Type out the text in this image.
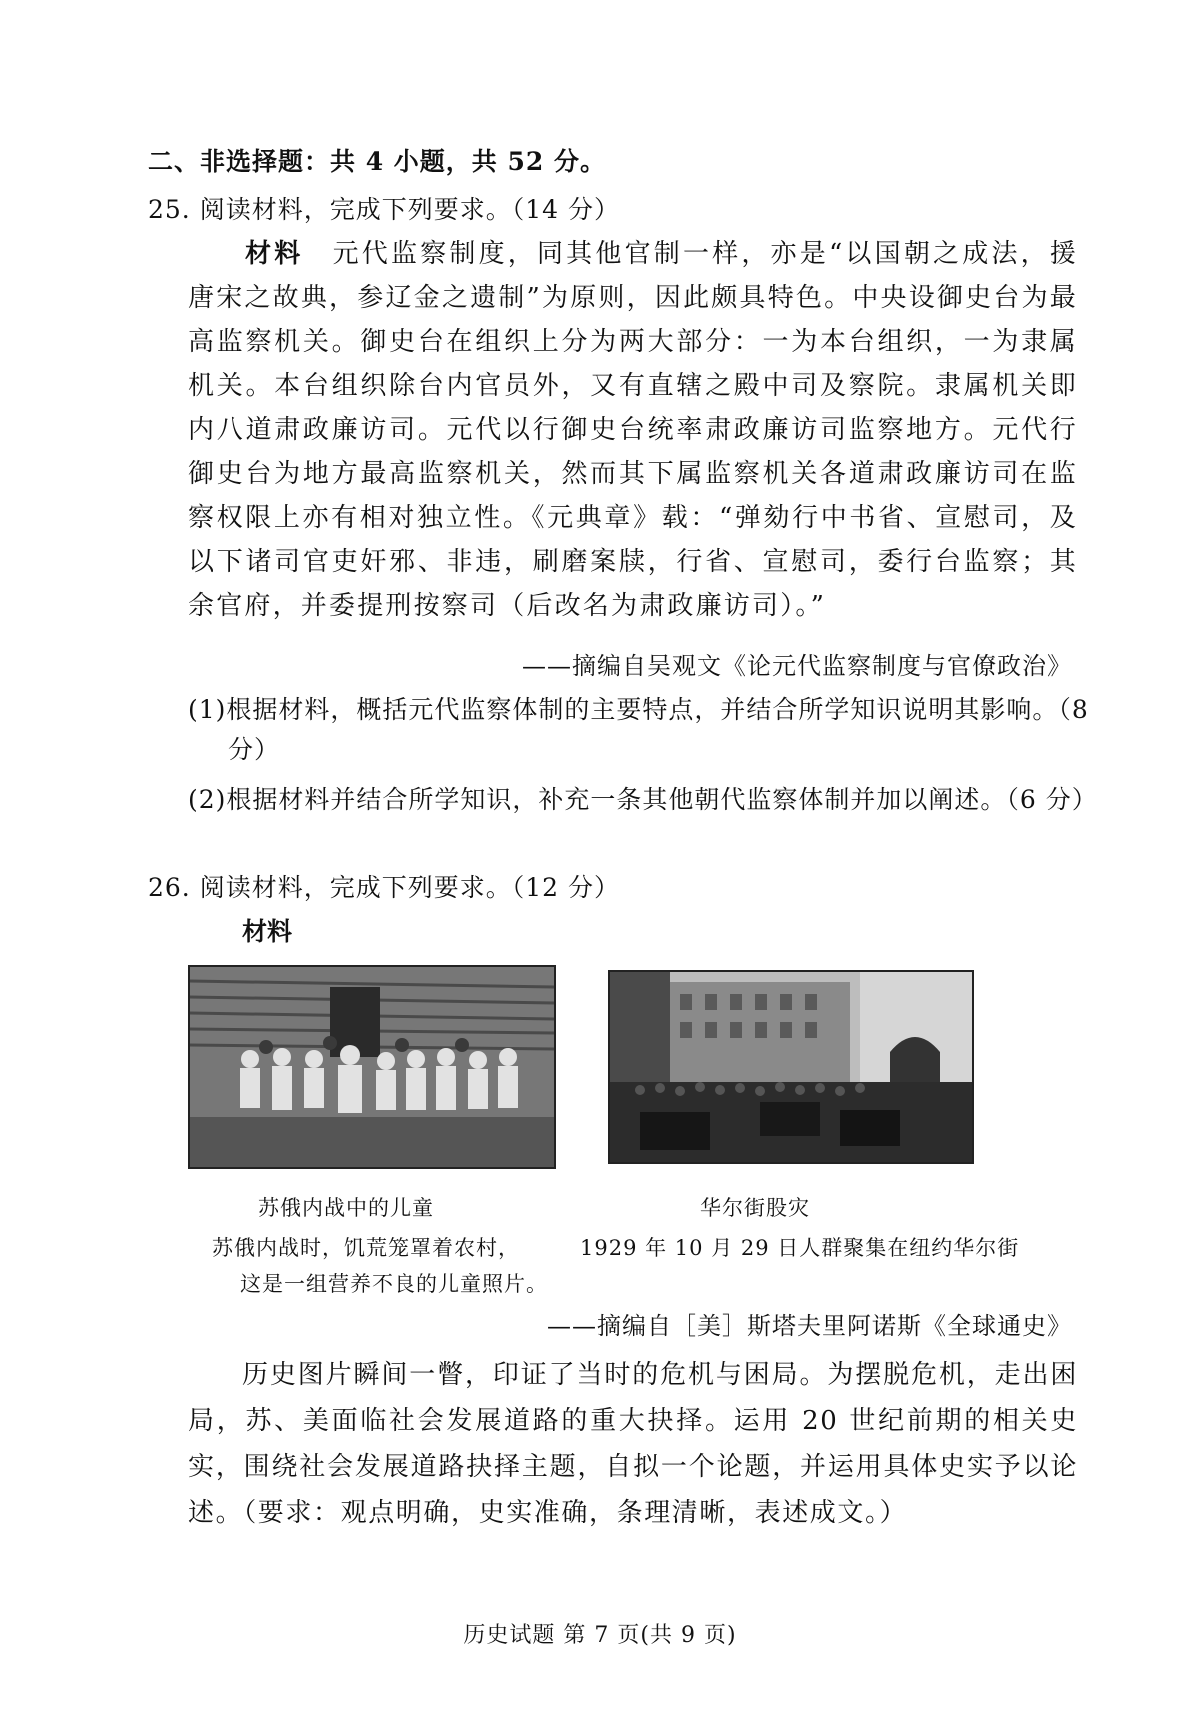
二、非选择题：共 4 小题，共 52 分。
25. 阅读材料，完成下列要求。（14 分）
材料　 元代监察制度，同其他官制一样，亦是“以国朝之成法，援唐宋之故典，参辽金之遗制”为原则，因此颇具特色。中央设御史台为最高监察机关。御史台在组织上分为两大部分：一为本台组织，一为隶属机关。本台组织除台内官员外，又有直辖之殿中司及察院。隶属机关即内八道肃政廉访司。元代以行御史台统率肃政廉访司监察地方。元代行御史台为地方最高监察机关，然而其下属监察机关各道肃政廉访司在监察权限上亦有相对独立性。《元典章》载：“弹劾行中书省、宣慰司，及以下诸司官吏奸邪、非违，刷磨案牍，行省、宣慰司，委行台监察；其余官府，并委提刑按察司（后改名为肃政廉访司）。”
——摘编自吴观文《论元代监察制度与官僚政治》
(1)根据材料，概括元代监察体制的主要特点，并结合所学知识说明其影响。（8 分）
(2)根据材料并结合所学知识，补充一条其他朝代监察体制并加以阐述。（6 分）
26. 阅读材料，完成下列要求。（12 分）
材料
苏俄内战中的儿童
苏俄内战时，饥荒笼罩着农村，
这是一组营养不良的儿童照片。
华尔街股灾
1929 年 10 月 29 日人群聚集在纽约华尔街
——摘编自［美］斯塔夫里阿诺斯《全球通史》
历史图片瞬间一瞥，印证了当时的危机与困局。为摆脱危机，走出困局，苏、美面临社会发展道路的重大抉择。运用 20 世纪前期的相关史实，围绕社会发展道路抉择主题，自拟一个论题，并运用具体史实予以论述。（要求：观点明确，史实准确，条理清晰，表述成文。）
历史试题 第 7 页(共 9 页)
